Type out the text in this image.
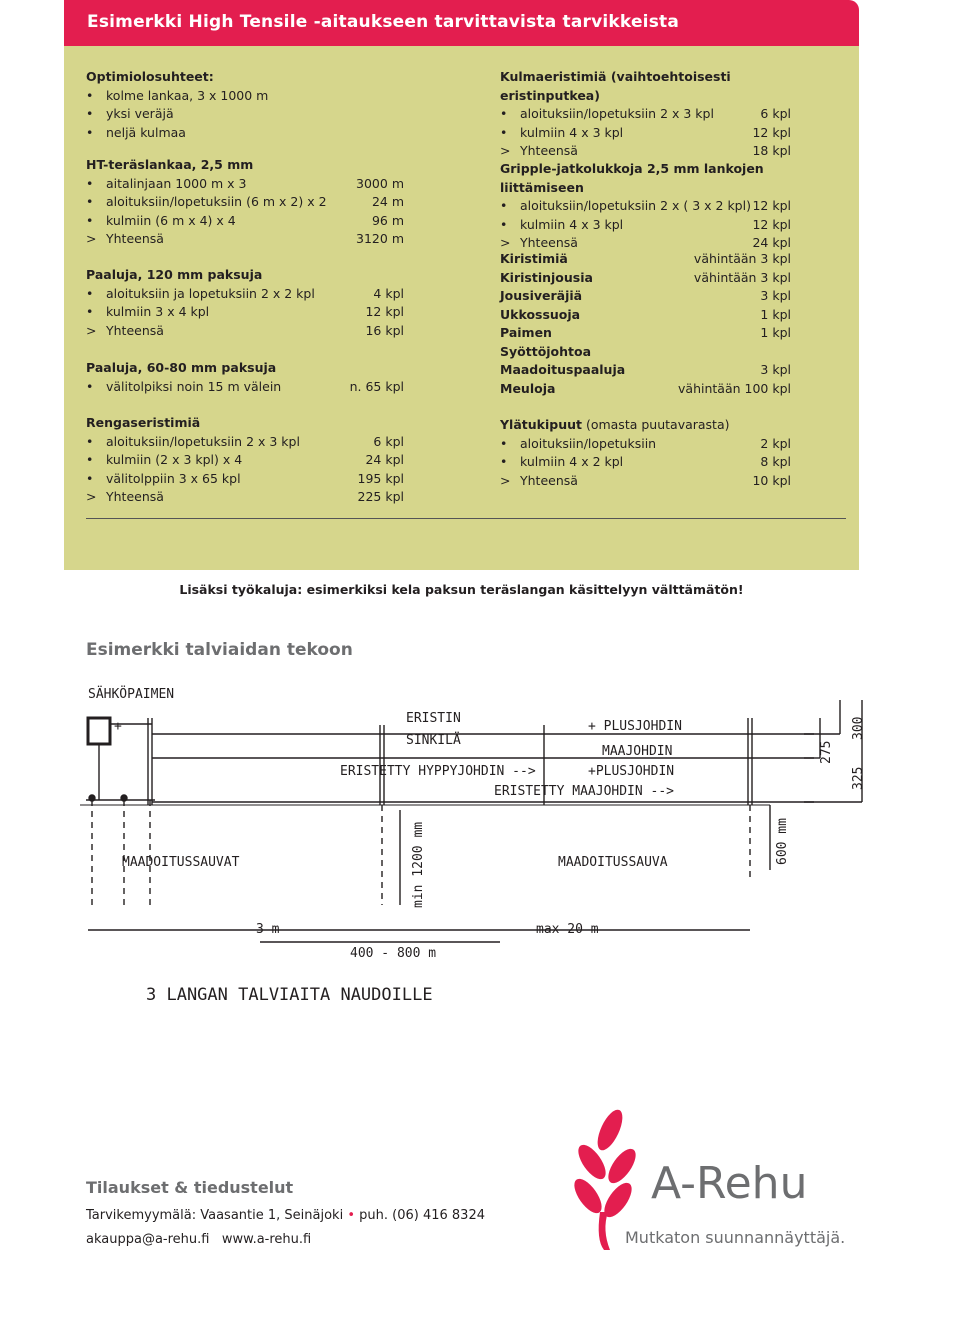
Esimerkki High Tensile -aitaukseen tarvittavista tarvikkeista
Optimiolosuhteet:
•kolme lankaa, 3 x 1000 m
•yksi veräjä
•neljä kulmaa
HT-teräslankaa, 2,5 mm
• aitalinjaan 1000 m x 3	3000 m
• aloituksiin/lopetuksiin (6 m x 2) x 2	24 m
• kulmiin (6 m x 4) x 4	96 m
> Yhteensä	3120 m
Paaluja, 120 mm paksuja
• aloituksiin ja lopetuksiin 2 x 2 kpl	4 kpl
• kulmiin 3 x 4 kpl	12 kpl
> Yhteensä	16 kpl
Paaluja, 60-80 mm paksuja
• välitolpiksi noin 15 m välein	n. 65 kpl
Rengaseristimiä
• aloituksiin/lopetuksiin 2 x 3 kpl	6 kpl
• kulmiin (2 x 3 kpl) x 4	24 kpl
• välitolppiin 3 x 65 kpl	195 kpl
> Yhteensä	225 kpl
Kulmaeristimiä (vaihtoehtoisesti eristinputkea)
• aloituksiin/lopetuksiin 2 x 3 kpl	6 kpl
• kulmiin 4 x 3 kpl	12 kpl
> Yhteensä	18 kpl
Gripple-jatkolukkoja 2,5 mm lankojen liittämiseen
• aloituksiin/lopetuksiin 2 x ( 3 x 2 kpl) 12 kpl
• kulmiin 4 x 3 kpl	12 kpl
> Yhteensä	24 kpl
Kiristimiä	vähintään 3 kpl
Kiristinjousia	vähintään 3 kpl
Jousiveräjiä	3 kpl
Ukkossuoja	1 kpl
Paimen	1 kpl
Syöttöjohtoa
Maadoituspaaluja	3 kpl
Meuloja	vähintään 100 kpl
Ylätukipuut (omasta puutavarasta)
• aloituksiin/lopetuksiin	2 kpl
• kulmiin 4 x 2 kpl	8 kpl
> Yhteensä	10 kpl
Lisäksi työkaluja: esimerkiksi kela paksun teräslangan käsittelyyn välttämätön!
Esimerkki talviaidan tekoon
SÄHKÖPAIMEN
+
ERISTIN
SINKILÄ
ERISTETTY HYPPYJOHDIN -->
+ PLUSJOHDIN
MAAJOHDIN
+PLUSJOHDIN
ERISTETTY MAAJOHDIN -->
MAADOITUSSAUVAT	MAADOITUSSAUVA
3 m	max 20 m
400 - 800 m
min 1200 mm	600 mm
275
300
325
3 LANGAN TALVIAITA NAUDOILLE
Tilaukset & tiedustelut
Tarvikemyymälä: Vaasantie 1, Seinäjoki • puh. (06) 416 8324
akauppa@a-rehu.fi www.a-rehu.fi
A-Rehu
Mutkaton suunnannäyttäjä.
